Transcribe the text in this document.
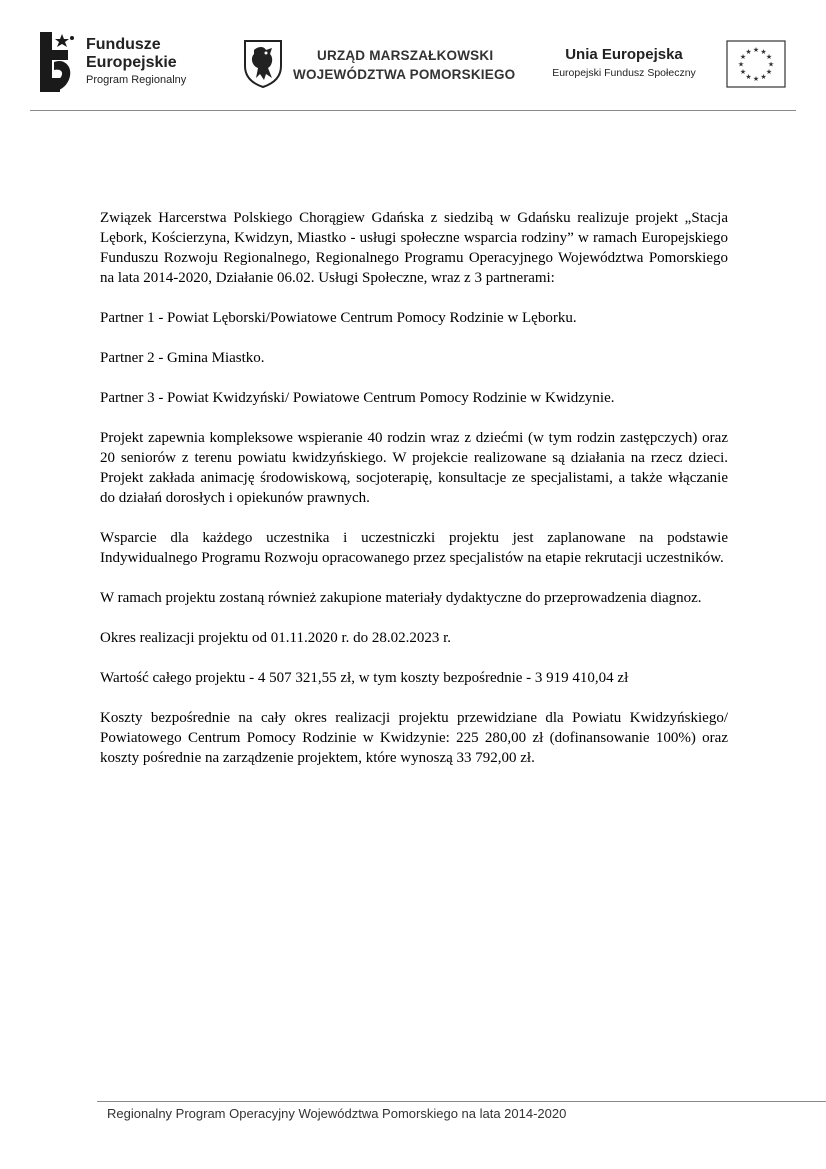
Fundusze
Europejskie
Program Regionalny
URZĄD MARSZAŁKOWSKI
WOJEWÓDZTWA POMORSKIEGO
Unia Europejska
Europejski Fundusz Społeczny
★ ★
★
★
★
★
★
★
★
★
★
★

Związek Harcerstwa Polskiego Chorągiew Gdańska z siedzibą w Gdańsku realizuje projekt „Stacja Lębork, Kościerzyna, Kwidzyn, Miastko - usługi społeczne wsparcia rodziny” w ramach Europejskiego Funduszu Rozwoju Regionalnego, Regionalnego Programu Operacyjnego Województwa Pomorskiego na lata 2014-2020, Działanie 06.02. Usługi Społeczne, wraz z 3 partnerami:

Partner 1 - Powiat Lęborski/Powiatowe Centrum Pomocy Rodzinie w Lęborku.

Partner 2 - Gmina Miastko.

Partner 3 - Powiat Kwidzyński/ Powiatowe Centrum Pomocy Rodzinie w Kwidzynie.

Projekt zapewnia kompleksowe wspieranie 40 rodzin wraz z dziećmi (w tym rodzin zastępczych) oraz 20 seniorów z terenu powiatu kwidzyńskiego. W projekcie realizowane są działania na rzecz dzieci. Projekt zakłada animację środowiskową, socjoterapię, konsultacje ze specjalistami, a także włączanie do działań dorosłych i opiekunów prawnych.

Wsparcie dla każdego uczestnika i uczestniczki projektu jest zaplanowane na podstawie Indywidualnego Programu Rozwoju opracowanego przez specjalistów na etapie rekrutacji uczestników.

W ramach projektu zostaną również zakupione materiały dydaktyczne do przeprowadzenia diagnoz.

Okres realizacji projektu od 01.11.2020 r. do 28.02.2023 r.

Wartość całego projektu - 4 507 321,55 zł, w tym koszty bezpośrednie - 3 919 410,04 zł

Koszty bezpośrednie na cały okres realizacji projektu przewidziane dla Powiatu Kwidzyńskiego/ Powiatowego Centrum Pomocy Rodzinie w Kwidzynie: 225 280,00 zł (dofinansowanie 100%) oraz koszty pośrednie na zarządzenie projektem, które wynoszą 33 792,00 zł.

Regionalny Program Operacyjny Województwa Pomorskiego na lata 2014-2020
